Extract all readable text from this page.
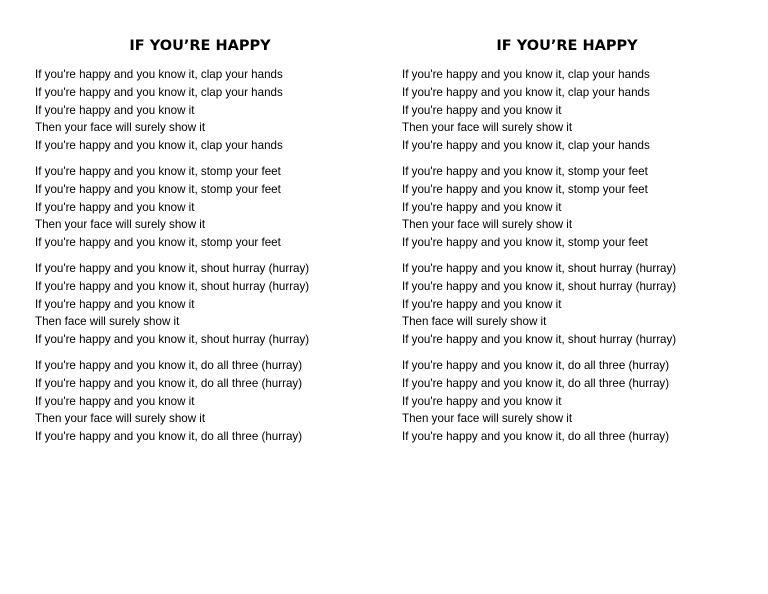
IF YOU’RE HAPPY
If you're happy and you know it, clap your hands
If you're happy and you know it, clap your hands
If you're happy and you know it
Then your face will surely show it
If you're happy and you know it, clap your hands
If you're happy and you know it, stomp your feet
If you're happy and you know it, stomp your feet
If you're happy and you know it
Then your face will surely show it
If you're happy and you know it, stomp your feet
If you're happy and you know it, shout hurray (hurray)
If you're happy and you know it, shout hurray (hurray)
If you're happy and you know it
Then face will surely show it
If you're happy and you know it, shout hurray (hurray)
If you're happy and you know it, do all three (hurray)
If you're happy and you know it, do all three (hurray)
If you're happy and you know it
Then your face will surely show it
If you're happy and you know it, do all three (hurray)
IF YOU’RE HAPPY
If you're happy and you know it, clap your hands
If you're happy and you know it, clap your hands
If you're happy and you know it
Then your face will surely show it
If you're happy and you know it, clap your hands
If you're happy and you know it, stomp your feet
If you're happy and you know it, stomp your feet
If you're happy and you know it
Then your face will surely show it
If you're happy and you know it, stomp your feet
If you're happy and you know it, shout hurray (hurray)
If you're happy and you know it, shout hurray (hurray)
If you're happy and you know it
Then face will surely show it
If you're happy and you know it, shout hurray (hurray)
If you're happy and you know it, do all three (hurray)
If you're happy and you know it, do all three (hurray)
If you're happy and you know it
Then your face will surely show it
If you're happy and you know it, do all three (hurray)
